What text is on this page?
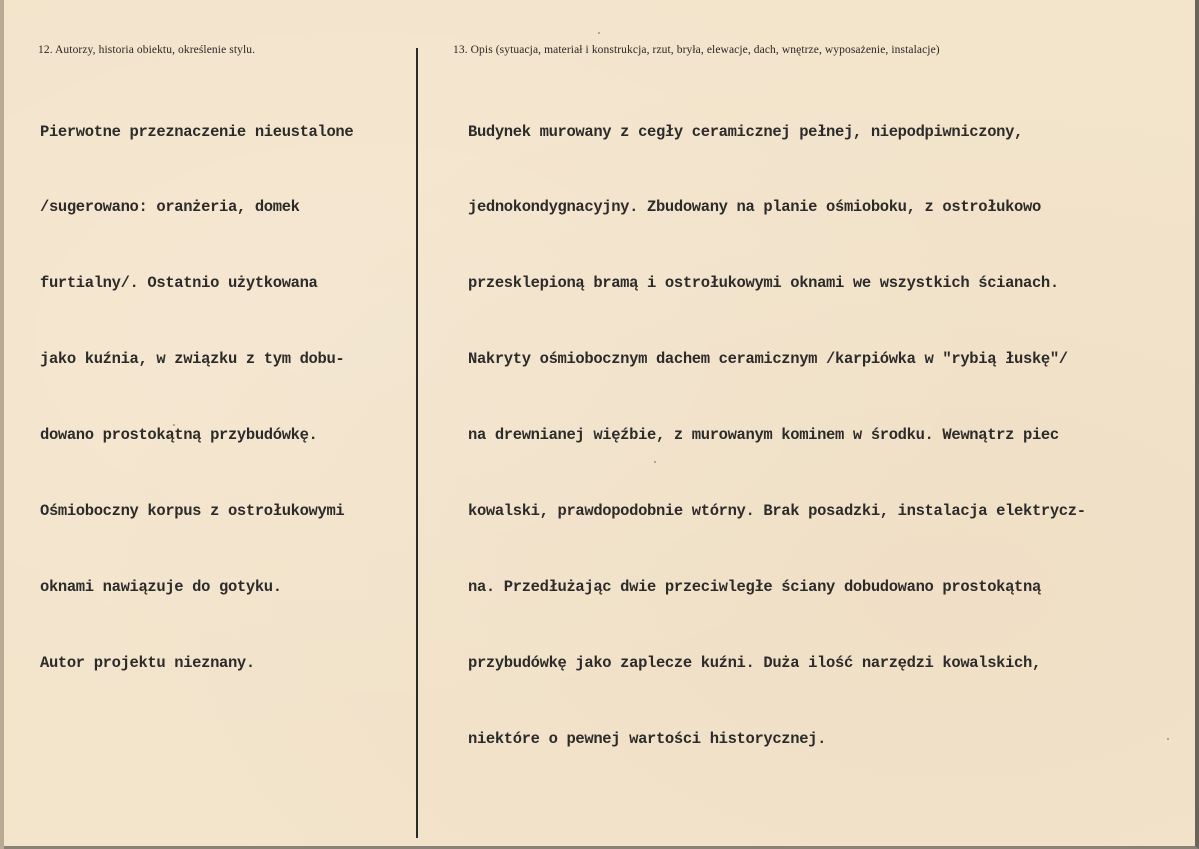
12. Autorzy, historia obiektu, określenie stylu.	13. Opis (sytuacja, materiał i konstrukcja, rzut, bryła, elewacje, dach, wnętrze, wyposażenie, instalacje)

Pierwotne przeznaczenie nieustalone

/sugerowano: oranżeria, domek

furtialny/. Ostatnio użytkowana

jako kuźnia, w związku z tym dobu-

dowano prostokątną przybudówkę.

Ośmioboczny korpus z ostrołukowymi

oknami nawiązuje do gotyku.

Autor projektu nieznany.

Budynek murowany z cegły ceramicznej pełnej, niepodpiwniczony,

jednokondygnacyjny. Zbudowany na planie ośmioboku, z ostrołukowo

przesklepioną bramą i ostrołukowymi oknami we wszystkich ścianach.

Nakryty ośmiobocznym dachem ceramicznym /karpiówka w "rybią łuskę"/

na drewnianej więźbie, z murowanym kominem w środku. Wewnątrz piec

kowalski, prawdopodobnie wtórny. Brak posadzki, instalacja elektrycz-

na. Przedłużając dwie przeciwległe ściany dobudowano prostokątną

przybudówkę jako zaplecze kuźni. Duża ilość narzędzi kowalskich,

niektóre o pewnej wartości historycznej.
